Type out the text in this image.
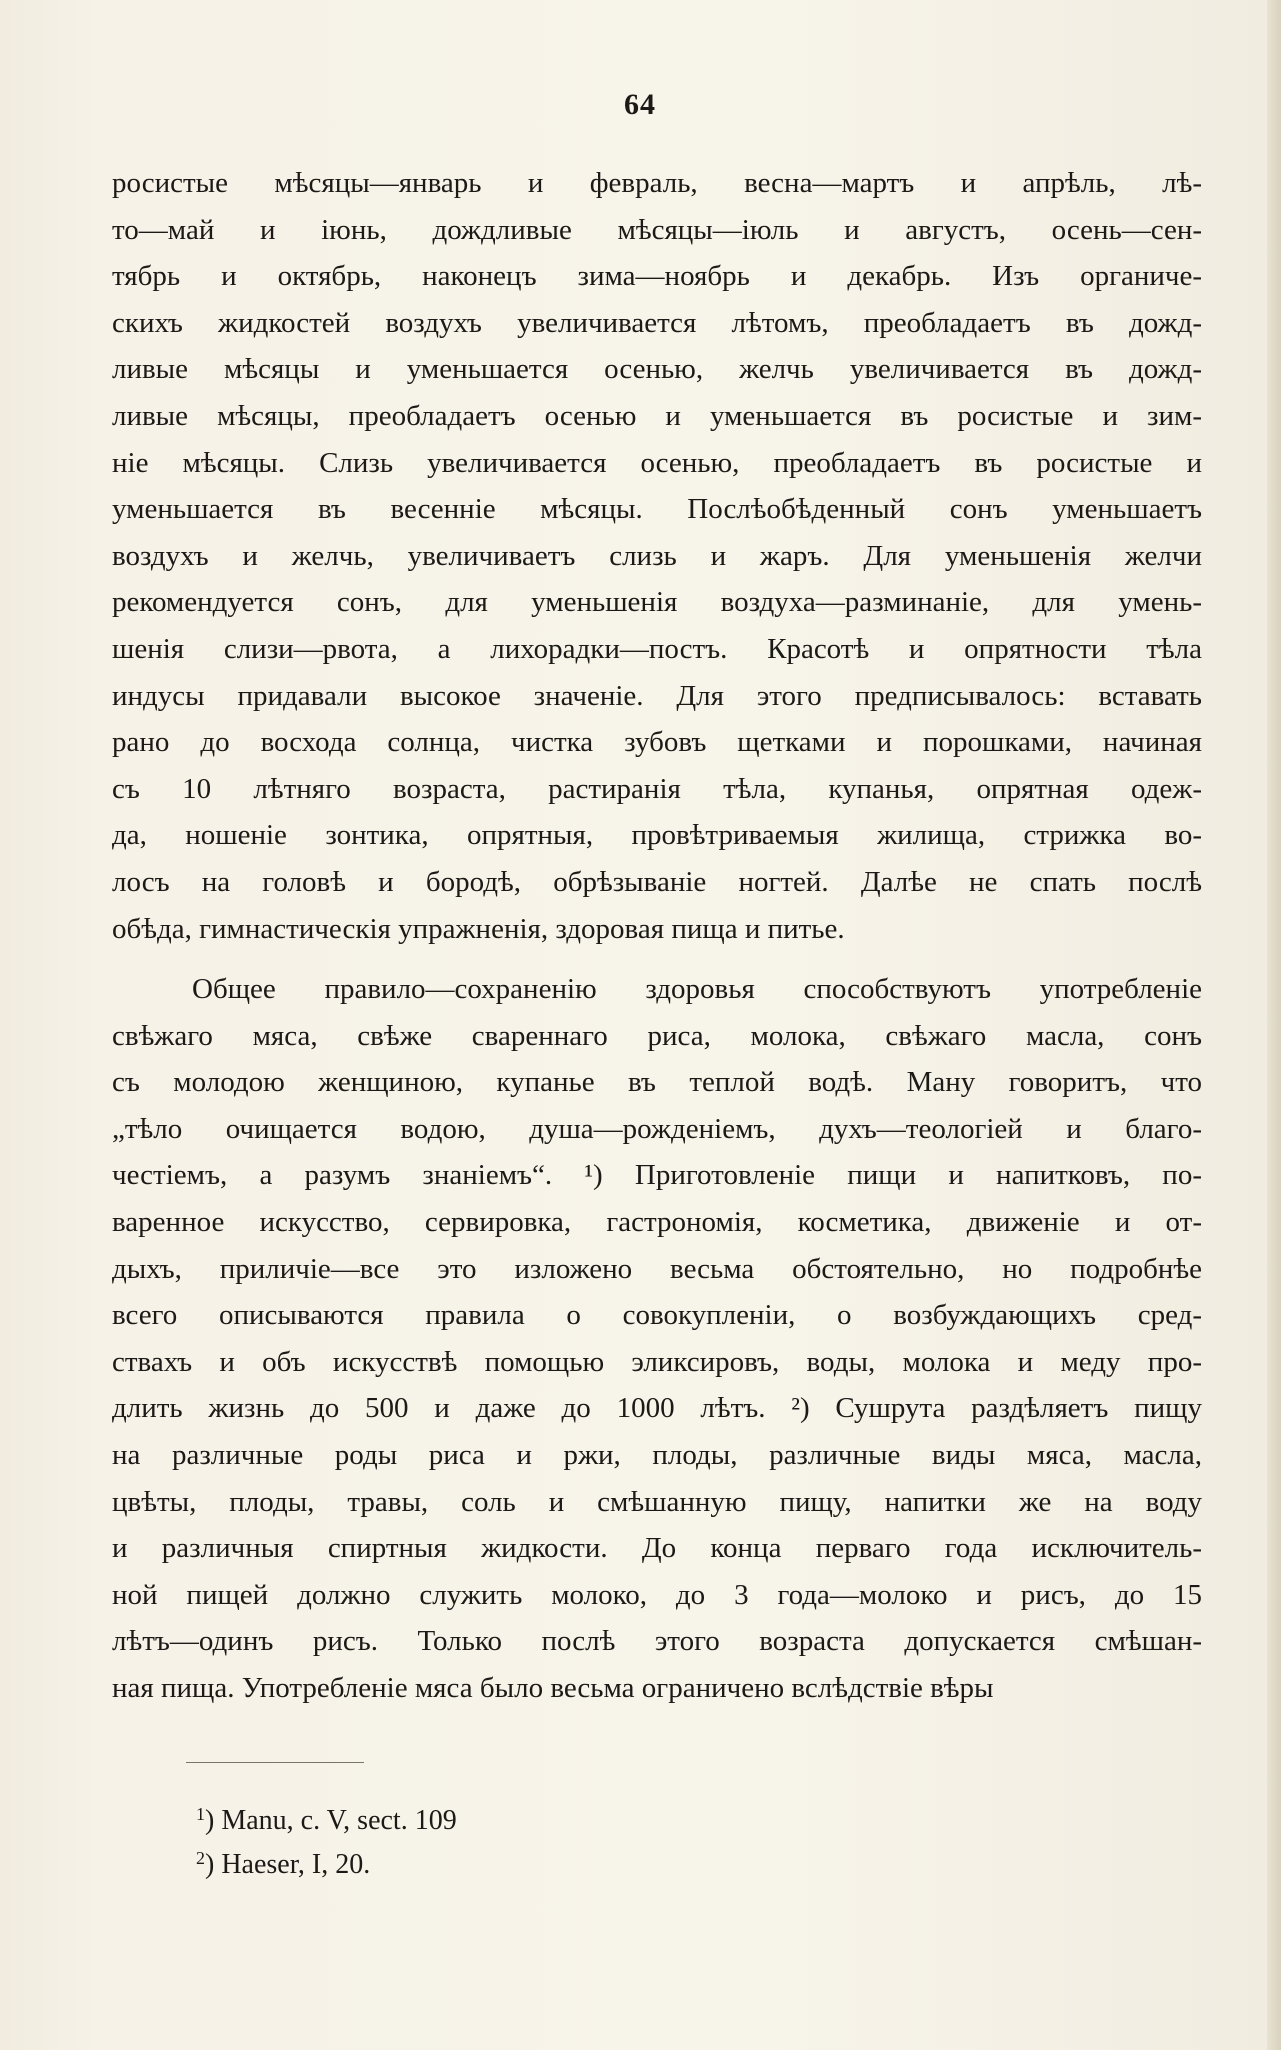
64
росистые мѣсяцы—январь и февраль, весна—мартъ и апрѣль, лѣ-
то—май и іюнь, дождливые мѣсяцы—іюль и августъ, осень—сен-
тябрь и октябрь, наконецъ зима—ноябрь и декабрь. Изъ органиче-
скихъ жидкостей воздухъ увеличивается лѣтомъ, преобладаетъ въ дожд-
ливые мѣсяцы и уменьшается осенью, желчь увеличивается въ дожд-
ливые мѣсяцы, преобладаетъ осенью и уменьшается въ росистые и зим-
ніе мѣсяцы. Слизь увеличивается осенью, преобладаетъ въ росистые и
уменьшается въ весенніе мѣсяцы. Послѣобѣденный сонъ уменьшаетъ
воздухъ и желчь, увеличиваетъ слизь и жаръ. Для уменьшенія желчи
рекомендуется сонъ, для уменьшенія воздуха—разминаніе, для умень-
шенія слизи—рвота, а лихорадки—постъ. Красотѣ и опрятности тѣла
индусы придавали высокое значеніе. Для этого предписывалось: вставать
рано до восхода солнца, чистка зубовъ щетками и порошками, начиная
съ 10 лѣтняго возраста, растиранія тѣла, купанья, опрятная одеж-
да, ношеніе зонтика, опрятныя, провѣтриваемыя жилища, стрижка во-
лосъ на головѣ и бородѣ, обрѣзываніе ногтей. Далѣе не спать послѣ
обѣда, гимнастическія упражненія, здоровая пища и питье.
Общее правило—сохраненію здоровья способствуютъ употребленіе
свѣжаго мяса, свѣже свареннаго риса, молока, свѣжаго масла, сонъ
съ молодою женщиною, купанье въ теплой водѣ. Ману говоритъ, что
„тѣло очищается водою, душа—рожденіемъ, духъ—теологіей и благо-
честіемъ, а разумъ знаніемъ“. ¹) Приготовленіе пищи и напитковъ, по-
варенное искусство, сервировка, гастрономія, косметика, движеніе и от-
дыхъ, приличіе—все это изложено весьма обстоятельно, но подробнѣе
всего описываются правила о совокупленіи, о возбуждающихъ сред-
ствахъ и объ искусствѣ помощью эликсировъ, воды, молока и меду про-
длить жизнь до 500 и даже до 1000 лѣтъ. ²) Сушрута раздѣляетъ пищу
на различные роды риса и ржи, плоды, различные виды мяса, масла,
цвѣты, плоды, травы, соль и смѣшанную пищу, напитки же на воду
и различныя спиртныя жидкости. До конца перваго года исключитель-
ной пищей должно служить молоко, до 3 года—молоко и рисъ, до 15
лѣтъ—одинъ рисъ. Только послѣ этого возраста допускается смѣшан-
ная пища. Употребленіе мяса было весьма ограничено вслѣдствіе вѣры
$^1$) Manu, c. V, sect. 109
$^2$) Haeser, I, 20.
